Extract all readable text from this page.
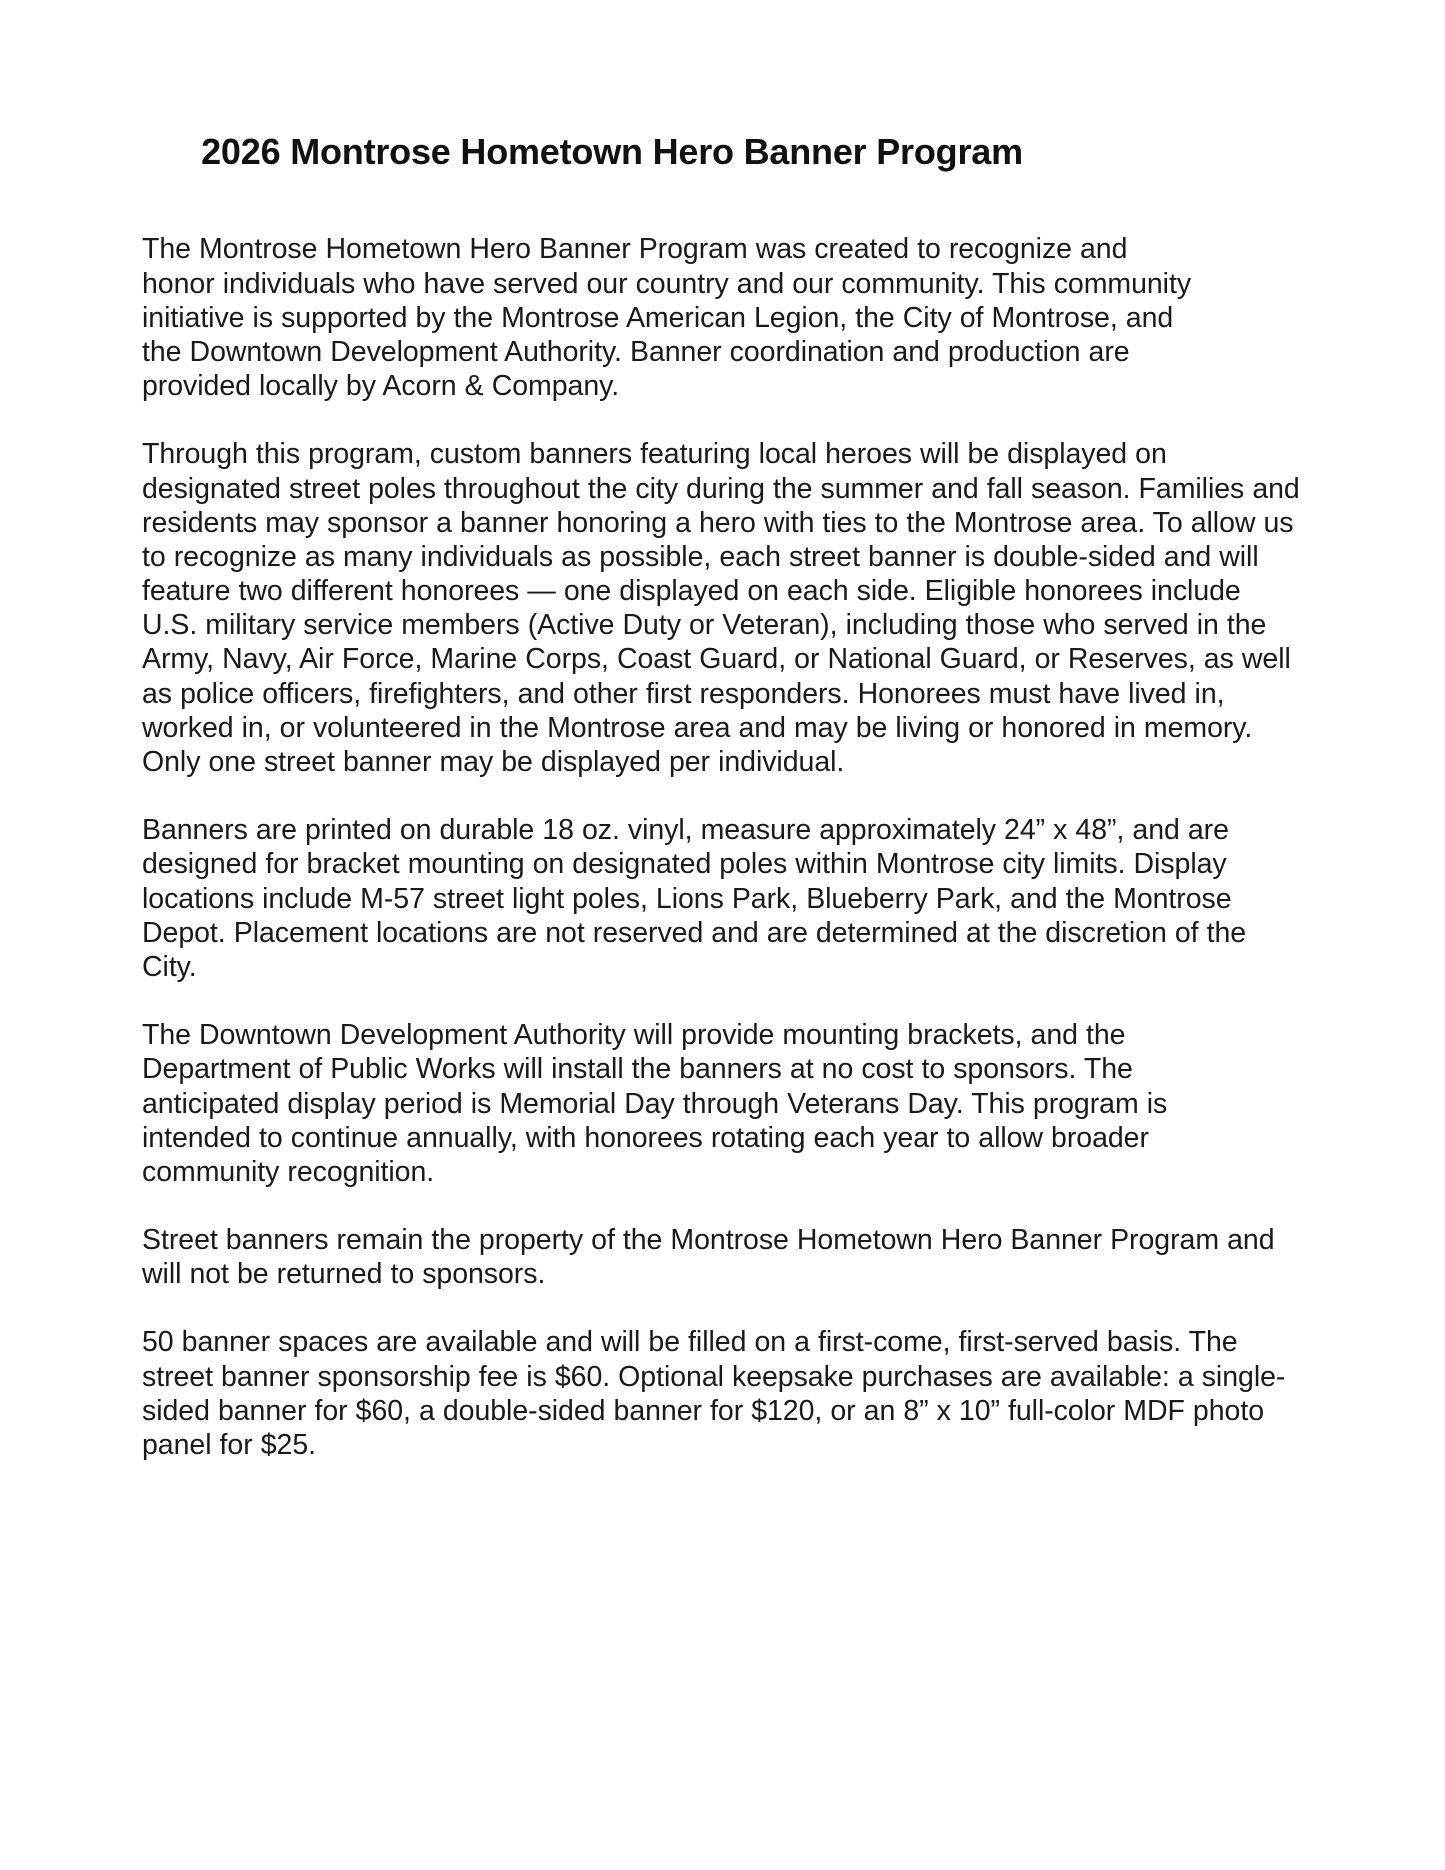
2026 Montrose Hometown Hero Banner Program

The Montrose Hometown Hero Banner Program was created to recognize and honor individuals who have served our country and our community. This community initiative is supported by the Montrose American Legion, the City of Montrose, and the Downtown Development Authority. Banner coordination and production are provided locally by Acorn & Company.

Through this program, custom banners featuring local heroes will be displayed on designated street poles throughout the city during the summer and fall season. Families and residents may sponsor a banner honoring a hero with ties to the Montrose area. To allow us to recognize as many individuals as possible, each street banner is double-sided and will feature two different honorees — one displayed on each side. Eligible honorees include U.S. military service members (Active Duty or Veteran), including those who served in the Army, Navy, Air Force, Marine Corps, Coast Guard, or National Guard, or Reserves, as well as police officers, firefighters, and other first responders. Honorees must have lived in, worked in, or volunteered in the Montrose area and may be living or honored in memory. Only one street banner may be displayed per individual.

Banners are printed on durable 18 oz. vinyl, measure approximately 24” x 48”, and are designed for bracket mounting on designated poles within Montrose city limits. Display locations include M-57 street light poles, Lions Park, Blueberry Park, and the Montrose Depot. Placement locations are not reserved and are determined at the discretion of the City.

The Downtown Development Authority will provide mounting brackets, and the Department of Public Works will install the banners at no cost to sponsors. The anticipated display period is Memorial Day through Veterans Day. This program is intended to continue annually, with honorees rotating each year to allow broader community recognition.

Street banners remain the property of the Montrose Hometown Hero Banner Program and will not be returned to sponsors.

50 banner spaces are available and will be filled on a first-come, first-served basis. The street banner sponsorship fee is $60. Optional keepsake purchases are available: a single-sided banner for $60, a double-sided banner for $120, or an 8” x 10” full-color MDF photo panel for $25.
